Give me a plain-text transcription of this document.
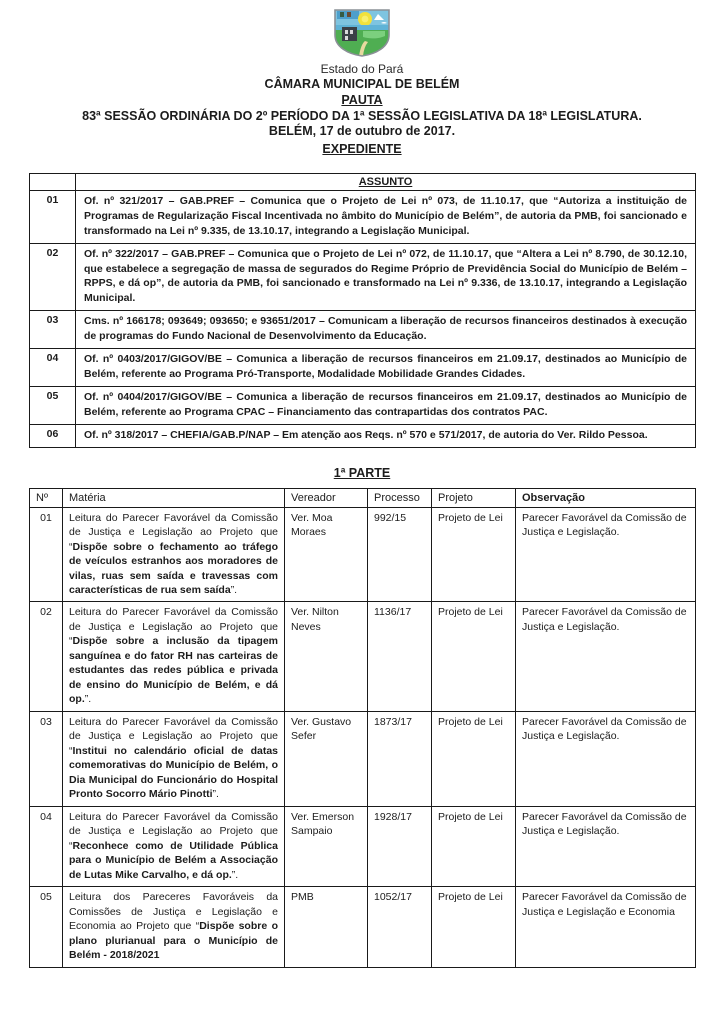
Estado do Pará
CÂMARA MUNICIPAL DE BELÉM
PAUTA
83ª SESSÃO ORDINÁRIA DO 2º PERÍODO DA 1ª SESSÃO LEGISLATIVA DA 18ª LEGISLATURA.
BELÉM, 17 de outubro de 2017.
EXPEDIENTE
	ASSUNTO
01	Of. nº 321/2017 – GAB.PREF – Comunica que o Projeto de Lei nº 073, de 11.10.17, que “Autoriza a instituição de Programas de Regularização Fiscal Incentivada no âmbito do Município de Belém”, de autoria da PMB, foi sancionado e transformado na Lei nº 9.335, de 13.10.17, integrando a Legislação Municipal.
02	Of. nº 322/2017 – GAB.PREF – Comunica que o Projeto de Lei nº 072, de 11.10.17, que “Altera a Lei nº 8.790, de 30.12.10, que estabelece a segregação de massa de segurados do Regime Próprio de Previdência Social do Município de Belém – RPPS, e dá op”, de autoria da PMB, foi sancionado e transformado na Lei nº 9.336, de 13.10.17, integrando a Legislação Municipal.
03	Cms. nº 166178; 093649; 093650; e 93651/2017 – Comunicam a liberação de recursos financeiros destinados à execução de programas do Fundo Nacional de Desenvolvimento da Educação.
04	Of. nº 0403/2017/GIGOV/BE – Comunica a liberação de recursos financeiros em 21.09.17, destinados ao Município de Belém, referente ao Programa Pró-Transporte, Modalidade Mobilidade Grandes Cidades.
05	Of. nº 0404/2017/GIGOV/BE – Comunica a liberação de recursos financeiros em 21.09.17, destinados ao Município de Belém, referente ao Programa CPAC – Financiamento das contrapartidas dos contratos PAC.
06	Of. nº 318/2017 – CHEFIA/GAB.P/NAP – Em atenção aos Reqs. nº 570 e 571/2017, de autoria do Ver. Rildo Pessoa.
1ª PARTE
Nº	Matéria	Vereador	Processo	Projeto	Observação
01	Leitura do Parecer Favorável da Comissão de Justiça e Legislação ao Projeto que “Dispõe sobre o fechamento ao tráfego de veículos estranhos aos moradores de vilas, ruas sem saída e travessas com características de rua sem saída”.	Ver. Moa Moraes	992/15	Projeto de Lei	Parecer Favorável da Comissão de Justiça e Legislação.
02	Leitura do Parecer Favorável da Comissão de Justiça e Legislação ao Projeto que “Dispõe sobre a inclusão da tipagem sanguínea e do fator RH nas carteiras de estudantes das redes pública e privada de ensino do Município de Belém, e dá op.”.	Ver. Nilton Neves	1136/17	Projeto de Lei	Parecer Favorável da Comissão de Justiça e Legislação.
03	Leitura do Parecer Favorável da Comissão de Justiça e Legislação ao Projeto que “Institui no calendário oficial de datas comemorativas do Município de Belém, o Dia Municipal do Funcionário do Hospital Pronto Socorro Mário Pinotti”.	Ver. Gustavo Sefer	1873/17	Projeto de Lei	Parecer Favorável da Comissão de Justiça e Legislação.
04	Leitura do Parecer Favorável da Comissão de Justiça e Legislação ao Projeto que “Reconhece como de Utilidade Pública para o Município de Belém a Associação de Lutas Mike Carvalho, e dá op.”.	Ver. Emerson Sampaio	1928/17	Projeto de Lei	Parecer Favorável da Comissão de Justiça e Legislação.
05	Leitura dos Pareceres Favoráveis da Comissões de Justiça e Legislação e Economia ao Projeto que “Dispõe sobre o plano plurianual para o Município de Belém - 2018/2021	PMB	1052/17	Projeto de Lei	Parecer Favorável da Comissão de Justiça e Legislação e Economia
